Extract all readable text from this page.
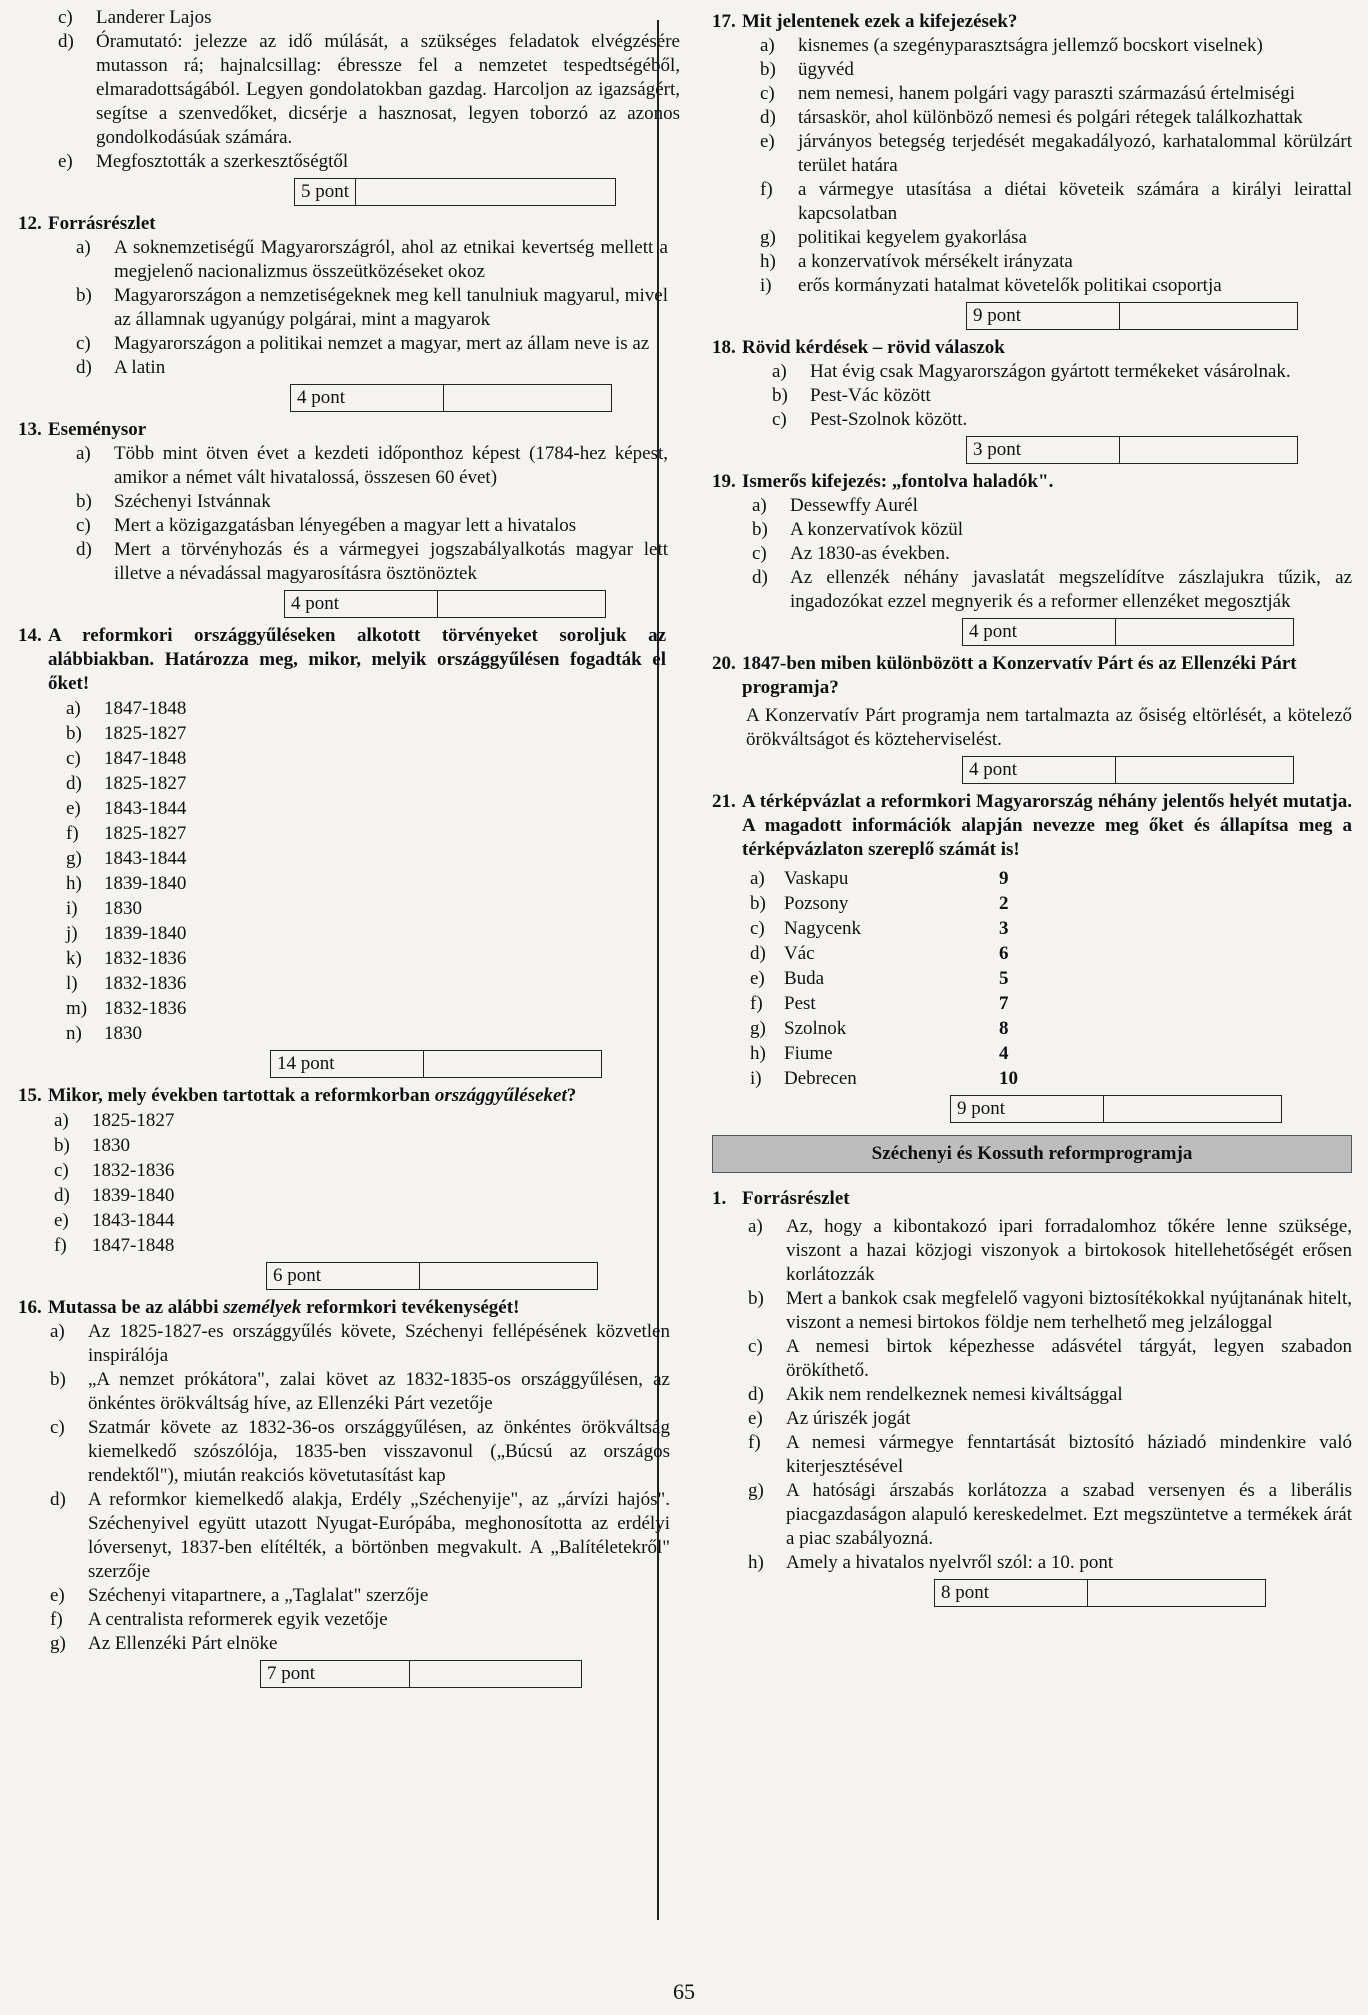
c)	Landerer Lajos
d)	Óramutató: jelezze az idő múlását, a szükséges feladatok elvégzésére mutasson rá; hajnalcsillag: ébressze fel a nemzetet tespedtségéből, elmaradottságából. Legyen gondolatokban gazdag. Harcoljon az igazságért, segítse a szenvedőket, dicsérje a hasznosat, legyen toborzó az azonos gondolkodásúak számára.
e)	Megfosztották a szerkesztőségtől
5 pont
12. Forrásrészlet
a)	A soknemzetiségű Magyarországról, ahol az etnikai kevertség mellett a megjelenő nacionalizmus összeütközéseket okoz
b)	Magyarországon a nemzetiségeknek meg kell tanulniuk magyarul, mivel az államnak ugyanúgy polgárai, mint a magyarok
c)	Magyarországon a politikai nemzet a magyar, mert az állam neve is az
d)	A latin
4 pont
13. Eseménysor
a)	Több mint ötven évet a kezdeti időponthoz képest (1784-hez képest, amikor a német vált hivatalossá, összesen 60 évet)
b)	Széchenyi Istvánnak
c)	Mert a közigazgatásban lényegében a magyar lett a hivatalos
d)	Mert a törvényhozás és a vármegyei jogszabályalkotás magyar lett illetve a névadással magyarosításra ösztönöztek
4 pont
14. A reformkori országgyűléseken alkotott törvényeket soroljuk az alábbiakban. Határozza meg, mikor, melyik országgyűlésen fogadták el őket!
a)	1847-1848
b)	1825-1827
c)	1847-1848
d)	1825-1827
e)	1843-1844
f)	1825-1827
g)	1843-1844
h)	1839-1840
i)	1830
j)	1839-1840
k)	1832-1836
l)	1832-1836
m) 1832-1836
n)	1830
14 pont
15. Mikor, mely években tartottak a reformkorban országgyűléseket?
a)	1825-1827
b)	1830
c)	1832-1836
d)	1839-1840
e)	1843-1844
f)	1847-1848
6 pont
16. Mutassa be az alábbi személyek reformkori tevékenységét!
a)	Az 1825-1827-es országgyűlés követe, Széchenyi fellépésének közvetlen inspirálója
b)	„A nemzet prókátora", zalai követ az 1832-1835-os országgyűlésen, az önkéntes örökváltság híve, az Ellenzéki Párt vezetője
c)	Szatmár követe az 1832-36-os országgyűlésen, az önkéntes örökváltság kiemelkedő szószólója, 1835-ben visszavonul („Búcsú az országos rendektől"), miután reakciós követutasítást kap
d)	A reformkor kiemelkedő alakja, Erdély „Széchenyije", az „árvízi hajós". Széchenyivel együtt utazott Nyugat-Európába, meghonosította az erdélyi lóversenyt, 1837-ben elítélték, a börtönben megvakult. A „Balítéletekről" szerzője
e)	Széchenyi vitapartnere, a „Taglalat" szerzője
f)	A centralista reformerek egyik vezetője
g)	Az Ellenzéki Párt elnöke
7 pont
17. Mit jelentenek ezek a kifejezések?
a)	kisnemes (a szegényparasztságra jellemző bocskort viselnek)
b)	ügyvéd
c)	nem nemesi, hanem polgári vagy paraszti származású értelmiségi
d)	társaskör, ahol különböző nemesi és polgári rétegek találkozhattak
e)	járványos betegség terjedését megakadályozó, karhatalommal körülzárt terület határa
f)	a vármegye utasítása a diétai követeik számára a királyi leirattal kapcsolatban
g)	politikai kegyelem gyakorlása
h)	a konzervatívok mérsékelt irányzata
i)	erős kormányzati hatalmat követelők politikai csoportja
9 pont
18. Rövid kérdések – rövid válaszok
a)	Hat évig csak Magyarországon gyártott termékeket vásárolnak.
b)	Pest-Vác között
c)	Pest-Szolnok között.
3 pont
19. Ismerős kifejezés: „fontolva haladók".
a)	Dessewffy Aurél
b)	A konzervatívok közül
c)	Az 1830-as években.
d)	Az ellenzék néhány javaslatát megszelídítve zászlajukra tűzik, az ingadozókat ezzel megnyerik és a reformer ellenzéket megosztják
4 pont
20. 1847-ben miben különbözött a Konzervatív Párt és az Ellenzéki Párt programja?
A Konzervatív Párt programja nem tartalmazta az ősiség eltörlését, a kötelező örökváltságot és közteherviselést.
4 pont
21. A térképvázlat a reformkori Magyarország néhány jelentős helyét mutatja. A magadott információk alapján nevezze meg őket és állapítsa meg a térképvázlaton szereplő számát is!
a)	Vaskapu	9
b) Pozsony	2
c)	Nagycenk	3
d) Vác	6
e)	Buda	5
f)	Pest	7
g) Szolnok	8
h) Fiume	4
i)	Debrecen	10
9 pont
Széchenyi és Kossuth reformprogramja
1. Forrásrészlet
a)	Az, hogy a kibontakozó ipari forradalomhoz tőkére lenne szüksége, viszont a hazai közjogi viszonyok a birtokosok hitellehetőségét erősen korlátozzák
b)	Mert a bankok csak megfelelő vagyoni biztosítékokkal nyújtanának hitelt, viszont a nemesi birtokos földje nem terhelhető meg jelzáloggal
c)	A nemesi birtok képezhesse adásvétel tárgyát, legyen szabadon örökíthető.
d)	Akik nem rendelkeznek nemesi kiváltsággal
e)	Az úriszék jogát
f)	A nemesi vármegye fenntartását biztosító háziadó mindenkire való kiterjesztésével
g)	A hatósági árszabás korlátozza a szabad versenyen és a liberális piacgazdaságon alapuló kereskedelmet. Ezt megszüntetve a termékek árát a piac szabályozná.
h)	Amely a hivatalos nyelvről szól: a 10. pont
8 pont
65
